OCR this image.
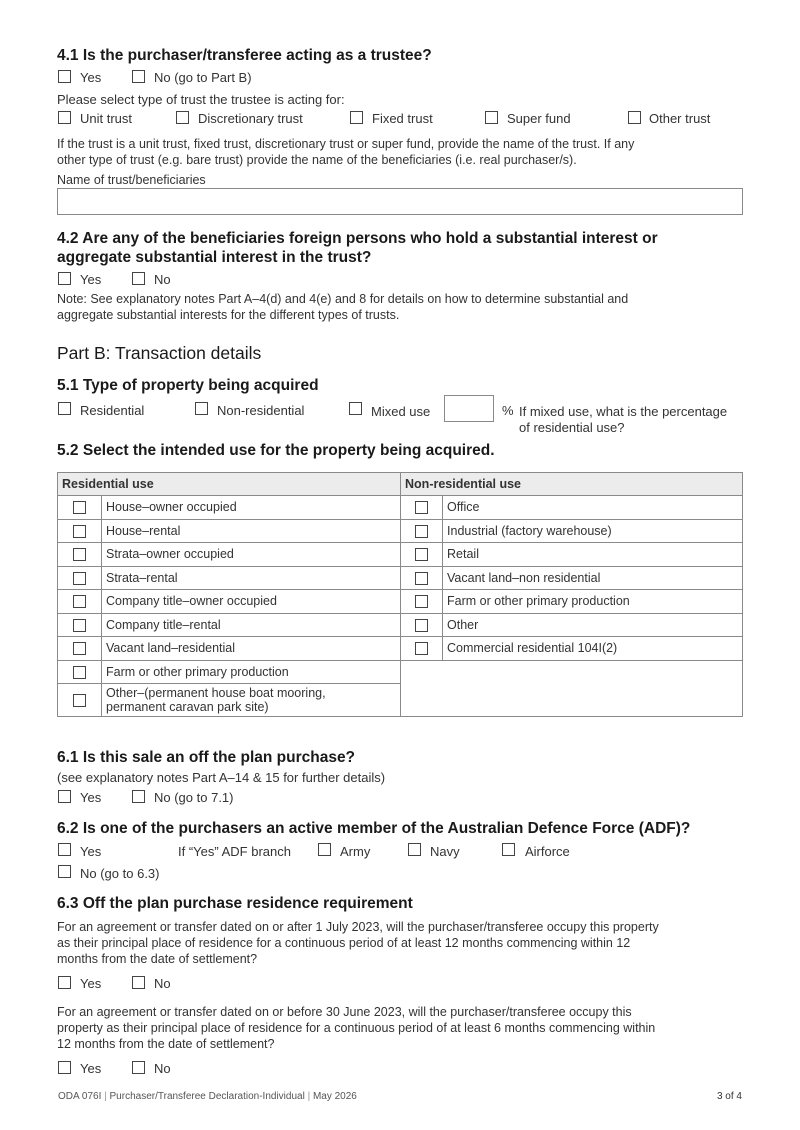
4.1 Is the purchaser/transferee acting as a trustee?
Yes	No (go to Part B)
Please select type of trust the trustee is acting for:
Unit trust	Discretionary trust	Fixed trust	Super fund	Other trust
If the trust is a unit trust, fixed trust, discretionary trust or super fund, provide the name of the trust. If any
other type of trust (e.g. bare trust) provide the name of the beneficiaries (i.e. real purchaser/s).
Name of trust/beneficiaries
4.2 Are any of the beneficiaries foreign persons who hold a substantial interest or
aggregate substantial interest in the trust?
Yes	No
Note: See explanatory notes Part A–4(d) and 4(e) and 8 for details on how to determine substantial and
aggregate substantial interests for the different types of trusts.
Part B: Transaction details
5.1 Type of property being acquired
Residential	Non-residential	Mixed use	% If mixed use, what is the percentage
of residential use?
5.2 Select the intended use for the property being acquired.
Residential use		Non-residential use	
	House–owner occupied		Office
	House–rental		Industrial (factory warehouse)
	Strata–owner occupied		Retail
	Strata–rental		Vacant land–non residential
	Company title–owner occupied		Farm or other primary production
	Company title–rental		Other
	Vacant land–residential		Commercial residential 104I(2)
	Farm or other primary production		

	Other–(permanent house boat mooring,
permanent caravan park site)		
6.1 Is this sale an off the plan purchase?
(see explanatory notes Part A–14 & 15 for further details)
Yes	No (go to 7.1)
6.2 Is one of the purchasers an active member of the Australian Defence Force (ADF)?
Yes	If “Yes” ADF branch	Army	Navy	Airforce
No (go to 6.3)
6.3 Off the plan purchase residence requirement
For an agreement or transfer dated on or after 1 July 2023, will the purchaser/transferee occupy this property
as their principal place of residence for a continuous period of at least 12 months commencing within 12
months from the date of settlement?
Yes	No
For an agreement or transfer dated on or before 30 June 2023, will the purchaser/transferee occupy this
property as their principal place of residence for a continuous period of at least 6 months commencing within
12 months from the date of settlement?
Yes	No
ODA 076I | Purchaser/Transferee Declaration-Individual | May 2026	3 of 4
